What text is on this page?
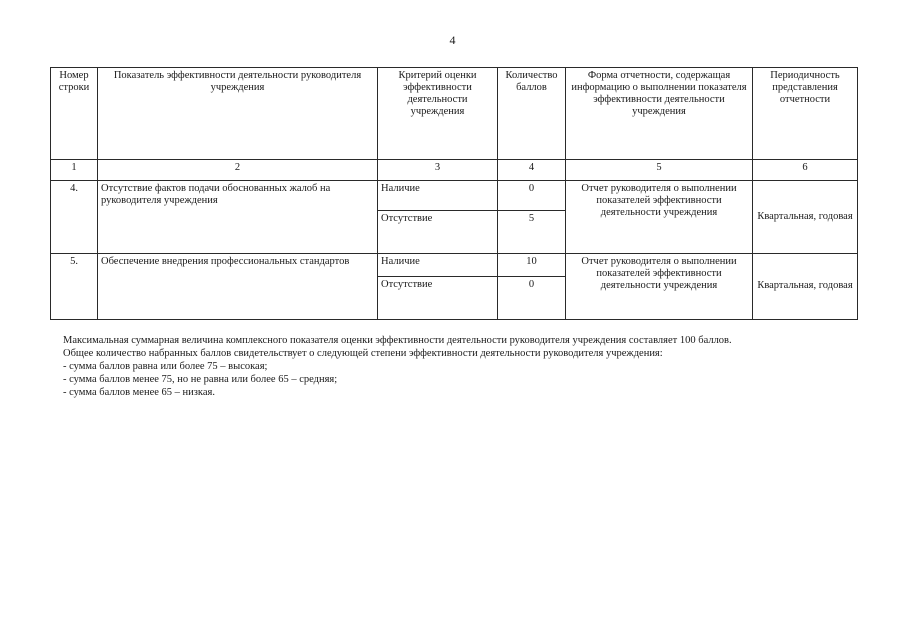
4
Номер строки	Показатель эффективности деятельности руководителя учреждения	Критерий оценки эффективности деятельности учреждения	Количество баллов	Форма отчетности, содержащая информацию о выполнении показателя эффективности деятельности учреждения	Периодичность представления отчетности
1	2	3	4	5	6
4.	Отсутствие фактов подачи обоснованных жалоб на руководителя учреждения	Наличие	0	Отчет руководителя о выполнении показателей эффективности деятельности учреждения	Квартальная, годовая
		Отсутствие	5		
5.	Обеспечение внедрения профессиональных стандартов	Наличие	10	Отчет руководителя о выполнении показателей эффективности деятельности учреждения	Квартальная, годовая
		Отсутствие	0		

Максимальная суммарная величина комплексного показателя оценки эффективности деятельности руководителя учреждения составляет 100 баллов.

Общее количество набранных баллов свидетельствует о следующей степени эффективности деятельности руководителя учреждения:

- сумма баллов равна или более 75 – высокая;

- сумма баллов менее 75, но не равна или более 65 – средняя;

- сумма баллов менее 65 – низкая.
